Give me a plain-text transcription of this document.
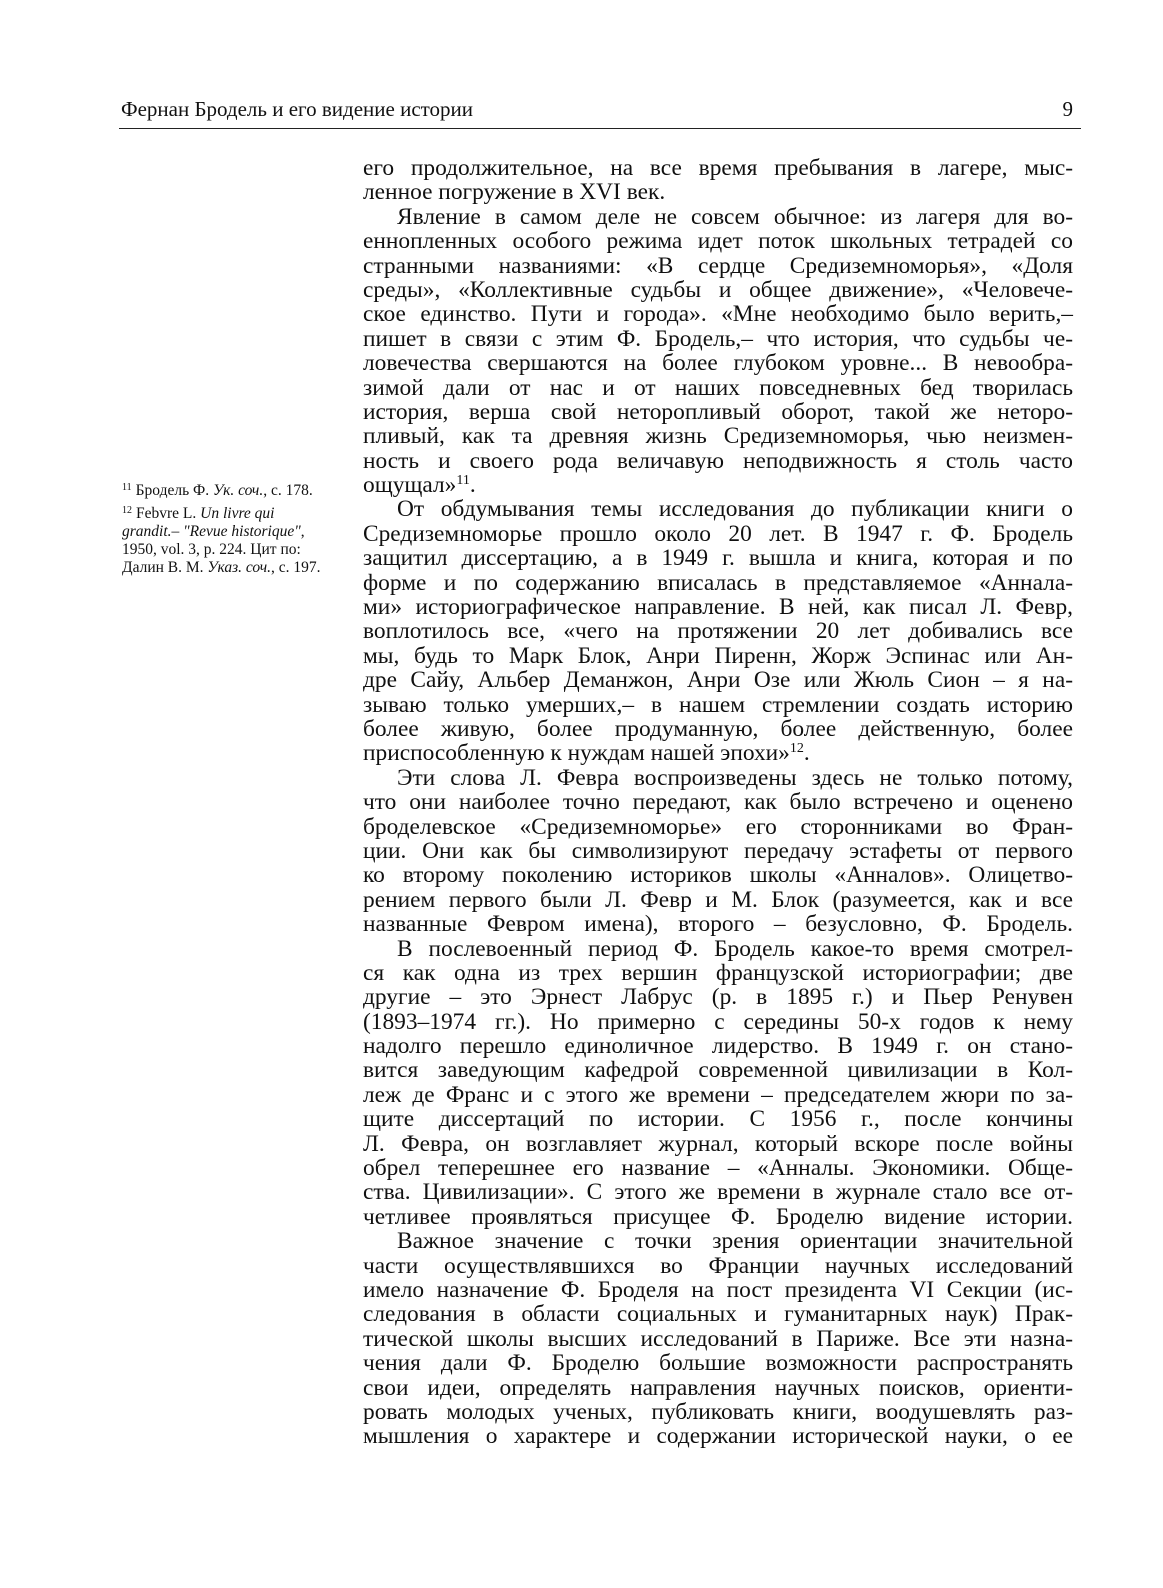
Фернан Бродель и его видение истории	9

$^{11}$ Бродель Ф. Ук. соч., с. 178.

$^{12}$ Febvre L. Un livre qui grandit.– "Revue historique", 1950, vol. 3, p. 224. Цит по: Далин В. М. Указ. соч., с. 197.

его продолжительное, на все время пребывания в лагере, мыс-
ленное погружение в XVI век.
Явление в самом деле не совсем обычное: из лагеря для во-
еннопленных особого режима идет поток школьных тетрадей со
странными названиями: «В сердце Средиземноморья», «Доля
среды», «Коллективные судьбы и общее движение», «Человече-
ское единство. Пути и города». «Мне необходимо было верить,–
пишет в связи с этим Ф. Бродель,– что история, что судьбы че-
ловечества свершаются на более глубоком уровне... В невообра-
зимой дали от нас и от наших повседневных бед творилась
история, верша свой неторопливый оборот, такой же неторо-
пливый, как та древняя жизнь Средиземноморья, чью неизмен-
ность и своего рода величавую неподвижность я столь часто
ощущал»$^{11}$.
От обдумывания темы исследования до публикации книги о
Средиземноморье прошло около 20 лет. В 1947 г. Ф. Бродель
защитил диссертацию, а в 1949 г. вышла и книга, которая и по
форме и по содержанию вписалась в представляемое «Аннала-
ми» историографическое направление. В ней, как писал Л. Февр,
воплотилось все, «чего на протяжении 20 лет добивались все
мы, будь то Марк Блок, Анри Пиренн, Жорж Эспинас или Ан-
дре Сайу, Альбер Деманжон, Анри Озе или Жюль Сион – я на-
зываю только умерших,– в нашем стремлении создать историю
более живую, более продуманную, более действенную, более
приспособленную к нуждам нашей эпохи»$^{12}$.
Эти слова Л. Февра воспроизведены здесь не только потому,
что они наиболее точно передают, как было встречено и оценено
броделевское «Средиземноморье» его сторонниками во Фран-
ции. Они как бы символизируют передачу эстафеты от первого
ко второму поколению историков школы «Анналов». Олицетво-
рением первого были Л. Февр и М. Блок (разумеется, как и все
названные Февром имена), второго – безусловно, Ф. Бродель.
В послевоенный период Ф. Бродель какое-то время смотрел-
ся как одна из трех вершин французской историографии; две
другие – это Эрнест Лабрус (р. в 1895 г.) и Пьер Ренувен
(1893–1974 гг.). Но примерно с середины 50-х годов к нему
надолго перешло единоличное лидерство. В 1949 г. он стано-
вится заведующим кафедрой современной цивилизации в Кол-
леж де Франс и с этого же времени – председателем жюри по за-
щите диссертаций по истории. С 1956 г., после кончины
Л. Февра, он возглавляет журнал, который вскоре после войны
обрел теперешнее его название – «Анналы. Экономики. Обще-
ства. Цивилизации». С этого же времени в журнале стало все от-
четливее проявляться присущее Ф. Броделю видение истории.
Важное значение с точки зрения ориентации значительной
части осуществлявшихся во Франции научных исследований
имело назначение Ф. Броделя на пост президента VI Секции (ис-
следования в области социальных и гуманитарных наук) Прак-
тической школы высших исследований в Париже. Все эти назна-
чения дали Ф. Броделю большие возможности распространять
свои идеи, определять направления научных поисков, ориенти-
ровать молодых ученых, публиковать книги, воодушевлять раз-
мышления о характере и содержании исторической науки, о ее
